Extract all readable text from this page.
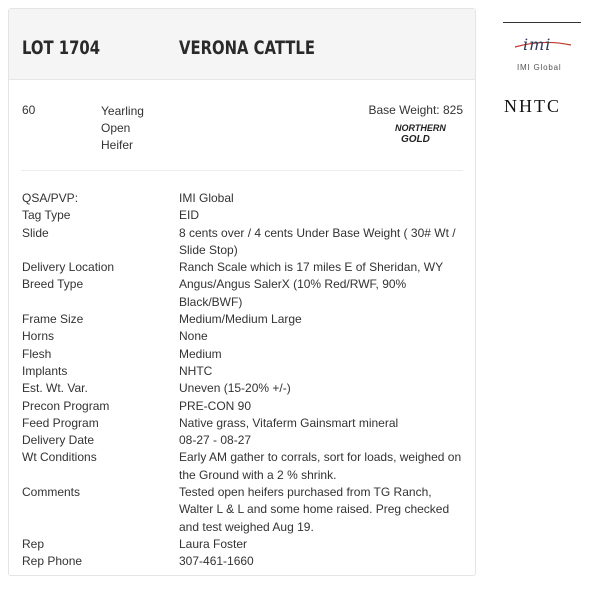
LOT 1704	VERONA CATTLE
60	Yearling
Open
Heifer
Base Weight: 825
NORTHERN
GOLD
QSA/PVP:	IMI Global
Tag Type	EID
Slide	8 cents over / 4 cents Under Base Weight ( 30# Wt / Slide Stop)
Delivery Location	Ranch Scale which is 17 miles E of Sheridan, WY
Breed Type	Angus/Angus SalerX (10% Red/RWF, 90% Black/BWF)
Frame Size	Medium/Medium Large
Horns	None
Flesh	Medium
Implants	NHTC
Est. Wt. Var.	Uneven (15-20% +/-)
Precon Program	PRE-CON 90
Feed Program	Native grass, Vitaferm Gainsmart mineral
Delivery Date	08-27 - 08-27
Wt Conditions	Early AM gather to corrals, sort for loads, weighed on the Ground with a 2 % shrink.
Comments	Tested open heifers purchased from TG Ranch, Walter L & L and some home raised. Preg checked and test weighed Aug 19.
Rep	Laura Foster
Rep Phone	307-461-1660
imi
IMI Global
NHTC
